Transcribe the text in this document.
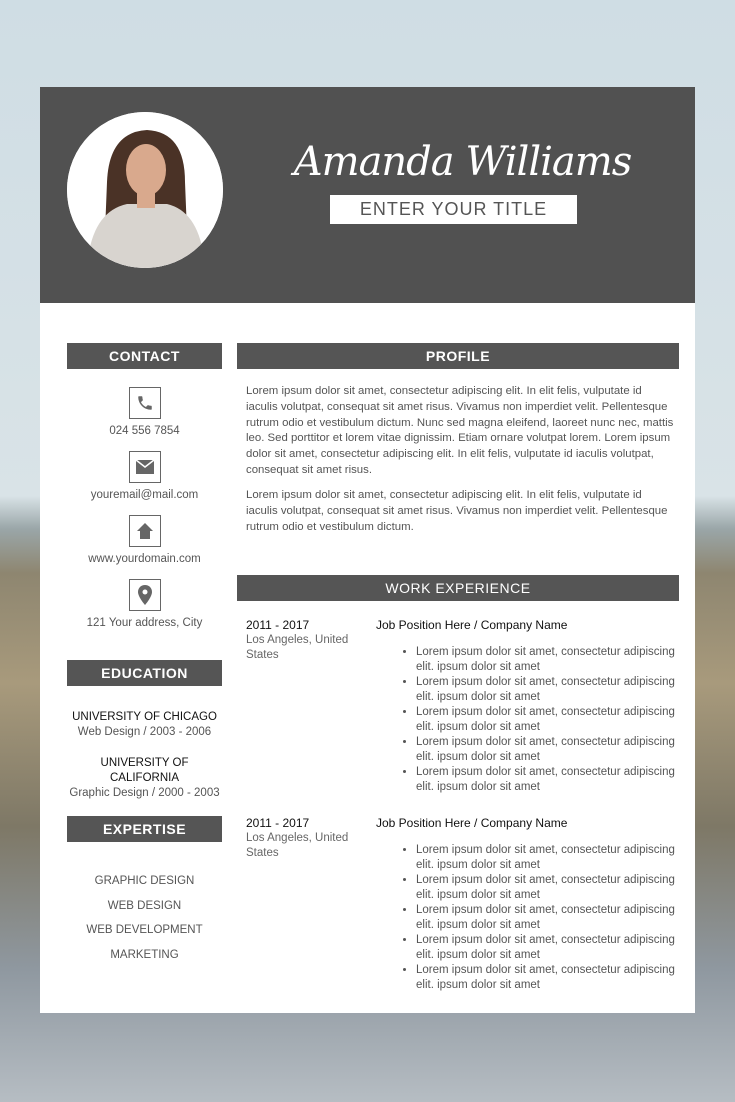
Amanda Williams
ENTER YOUR TITLE
CONTACT
024 556 7854
youremail@mail.com
www.yourdomain.com
121 Your address, City
EDUCATION
UNIVERSITY OF CHICAGO
Web Design / 2003 - 2006
UNIVERSITY OF CALIFORNIA
Graphic Design / 2000 - 2003
EXPERTISE
GRAPHIC DESIGN
WEB DESIGN
WEB DEVELOPMENT
MARKETING
PROFILE
Lorem ipsum dolor sit amet, consectetur adipiscing elit. In elit felis, vulputate id iaculis volutpat, consequat sit amet risus. Vivamus non imperdiet velit. Pellentesque rutrum odio et vestibulum dictum. Nunc sed magna eleifend, laoreet nunc nec, mattis leo. Sed porttitor et lorem vitae dignissim. Etiam ornare volutpat lorem. Lorem ipsum dolor sit amet, consectetur adipiscing elit. In elit felis, vulputate id iaculis volutpat, consequat sit amet risus.
Lorem ipsum dolor sit amet, consectetur adipiscing elit. In elit felis, vulputate id iaculis volutpat, consequat sit amet risus. Vivamus non imperdiet velit. Pellentesque rutrum odio et vestibulum dictum.
WORK EXPERIENCE
2011 - 2017
Los Angeles, United States
Job Position Here / Company Name
• Lorem ipsum dolor sit amet, consectetur adipiscing elit. ipsum dolor sit amet
• Lorem ipsum dolor sit amet, consectetur adipiscing elit. ipsum dolor sit amet
• Lorem ipsum dolor sit amet, consectetur adipiscing elit. ipsum dolor sit amet
• Lorem ipsum dolor sit amet, consectetur adipiscing elit. ipsum dolor sit amet
• Lorem ipsum dolor sit amet, consectetur adipiscing elit. ipsum dolor sit amet
2011 - 2017
Los Angeles, United States
Job Position Here / Company Name
• Lorem ipsum dolor sit amet, consectetur adipiscing elit. ipsum dolor sit amet
• Lorem ipsum dolor sit amet, consectetur adipiscing elit. ipsum dolor sit amet
• Lorem ipsum dolor sit amet, consectetur adipiscing elit. ipsum dolor sit amet
• Lorem ipsum dolor sit amet, consectetur adipiscing elit. ipsum dolor sit amet
• Lorem ipsum dolor sit amet, consectetur adipiscing elit. ipsum dolor sit amet
